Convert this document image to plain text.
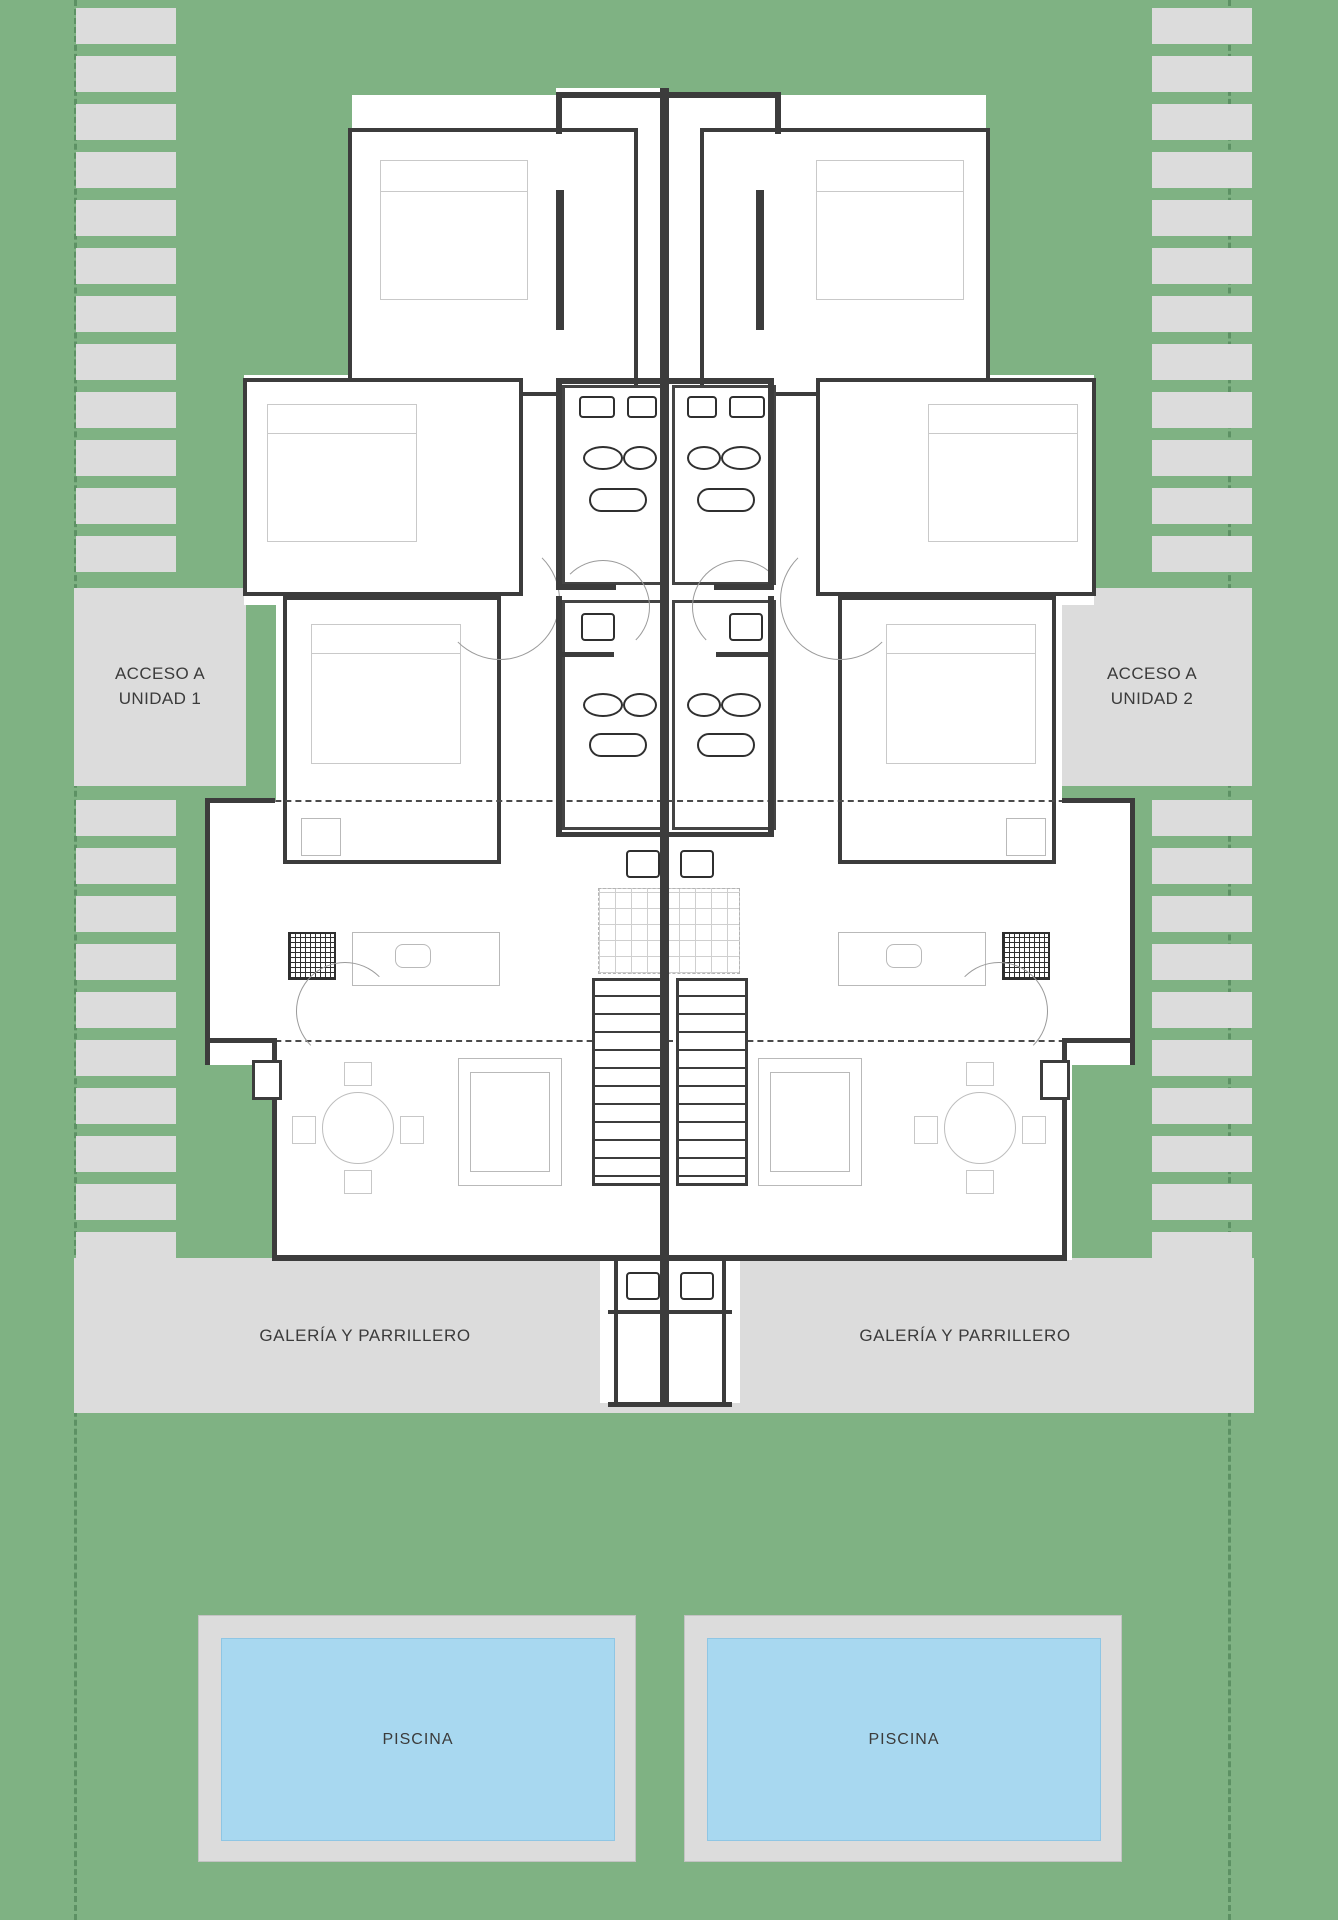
ACCESO A
UNIDAD 1
ACCESO A
UNIDAD 2
GALERÍA Y PARRILLERO	GALERÍA Y PARRILLERO
PISCINA	PISCINA
